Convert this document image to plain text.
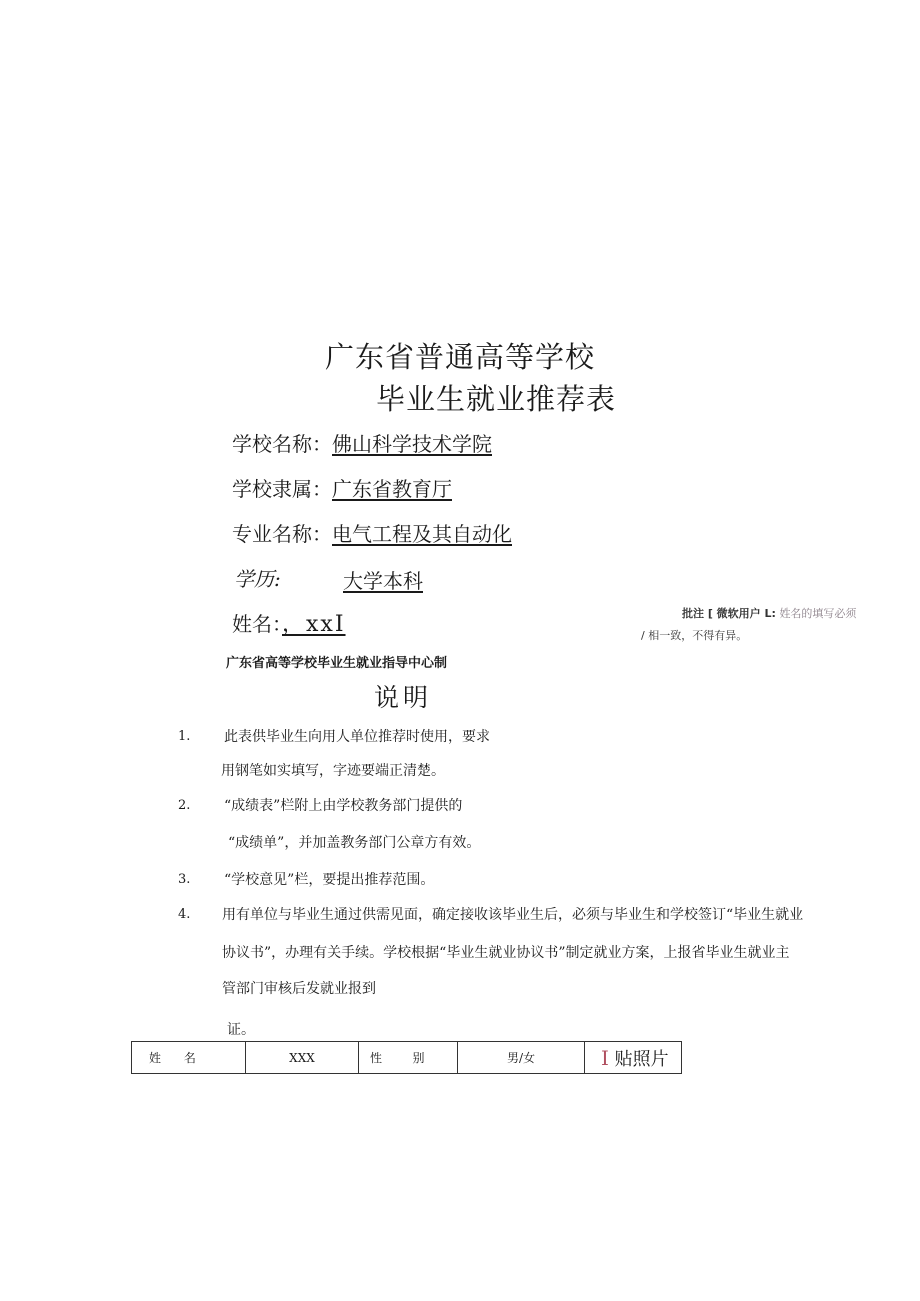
广东省普通高等学校
毕业生就业推荐表
学校名称：佛山科学技术学院
学校隶属：广东省教育厅
专业名称：电气工程及其自动化
学历:	大学本科
姓名：，xxI	批注 [ 微软用户 L: 姓名的填写必须
/ 相一致，不得有异。
广东省高等学校毕业生就业指导中心制
说明
1. 此表供毕业生向用人单位推荐时使用，要求
用钢笔如实填写，字迹要端正清楚。
2. “成绩表”栏附上由学校教务部门提供的
“成绩单”，并加盖教务部门公章方有效。
3. “学校意见”栏，要提出推荐范围。
4. 用有单位与毕业生通过供需见面，确定接收该毕业生后，必须与毕业生和学校签订“毕业生就业
协议书”，办理有关手续。学校根据“毕业生就业协议书”制定就业方案，上报省毕业生就业主
管部门审核后发就业报到
证。
姓      名	XXX	性        别	男/女	I 贴照片
